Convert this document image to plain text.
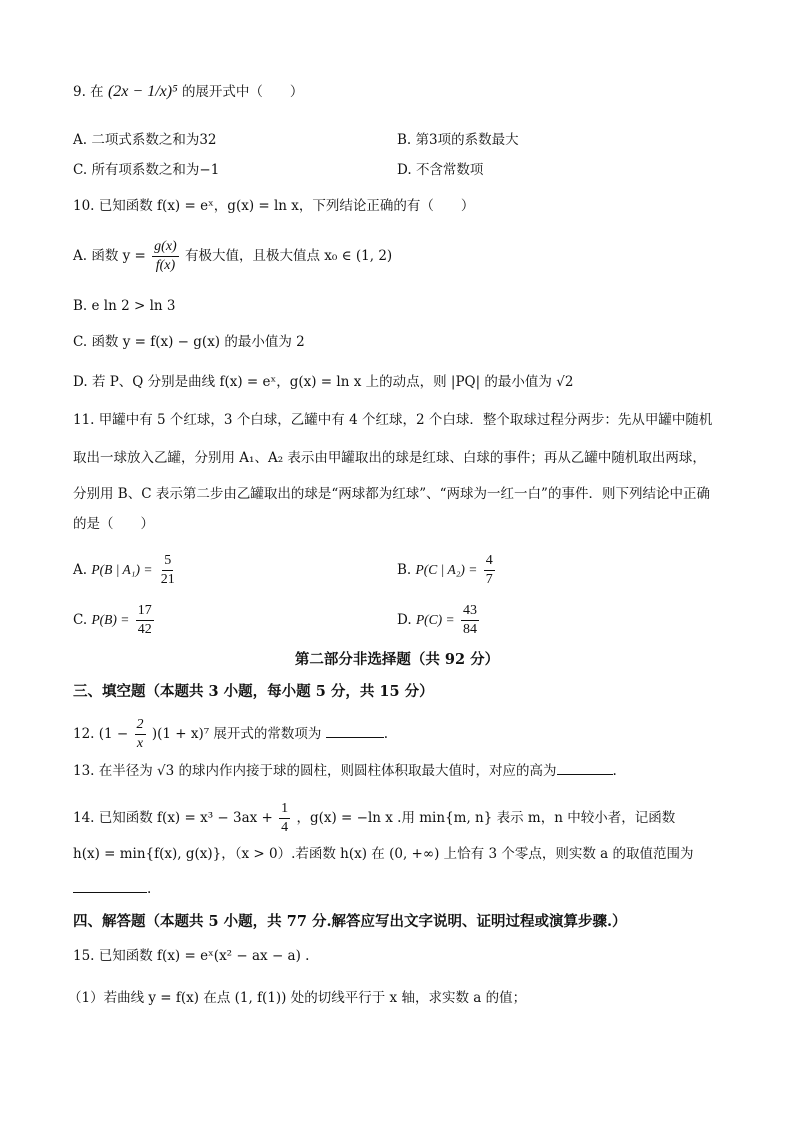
9. 在 (2x − 1/x)⁵ 的展开式中（　　）
A. 二项式系数之和为32	B. 第3项的系数最大
C. 所有项系数之和为−1	D. 不含常数项
10. 已知函数 f(x) = eˣ，g(x) = ln x，下列结论正确的有（　　）
A. 函数 $y = \frac{g(x)}{f(x)}$ 有极大值，且极大值点 x₀ ∈ (1, 2)
B. e ln 2 > ln 3
C. 函数 y = f(x) − g(x) 的最小值为 2
D. 若 P、Q 分别是曲线 f(x) = eˣ，g(x) = ln x 上的动点，则 |PQ| 的最小值为 √2
11. 甲罐中有 5 个红球，3 个白球，乙罐中有 4 个红球，2 个白球．整个取球过程分两步：先从甲罐中随机
取出一球放入乙罐，分别用 A₁、A₂ 表示由甲罐取出的球是红球、白球的事件；再从乙罐中随机取出两球，
分别用 B、C 表示第二步由乙罐取出的球是“两球都为红球”、“两球为一红一白”的事件．则下列结论中正确
的是（　　）
A. P(B | $A_1) = \frac{5}{21}$	B. P(C | $A_2) = \frac{4}{7}$
C. $P(B) = \frac{17}{42}$	D. $P(C) = \frac{43}{84}$
第二部分非选择题（共 92 分）
三、填空题（本题共 3 小题，每小题 5 分，共 15 分）
12. $(1 - \frac{2}{x} )(1 + x)^7$ 展开式的常数项为	.
13. 在半径为 √3 的球内作内接于球的圆柱，则圆柱体积取最大值时，对应的高为	.
14. 已知函数 $f(x) = x^3 - 3ax + \frac{1}{4}$ ，g(x) = −ln x .用 min{m, n} 表示 m，n 中较小者，记函数
h(x) = min{f(x), g(x)}，（x > 0）.若函数 h(x) 在 (0, +∞) 上恰有 3 个零点，则实数 a 的取值范围为
.
四、解答题（本题共 5 小题，共 77 分.解答应写出文字说明、证明过程或演算步骤.）
15. 已知函数 f(x) = eˣ(x² − ax − a) .
（1）若曲线 y = f(x) 在点 (1, f(1)) 处的切线平行于 x 轴，求实数 a 的值；
